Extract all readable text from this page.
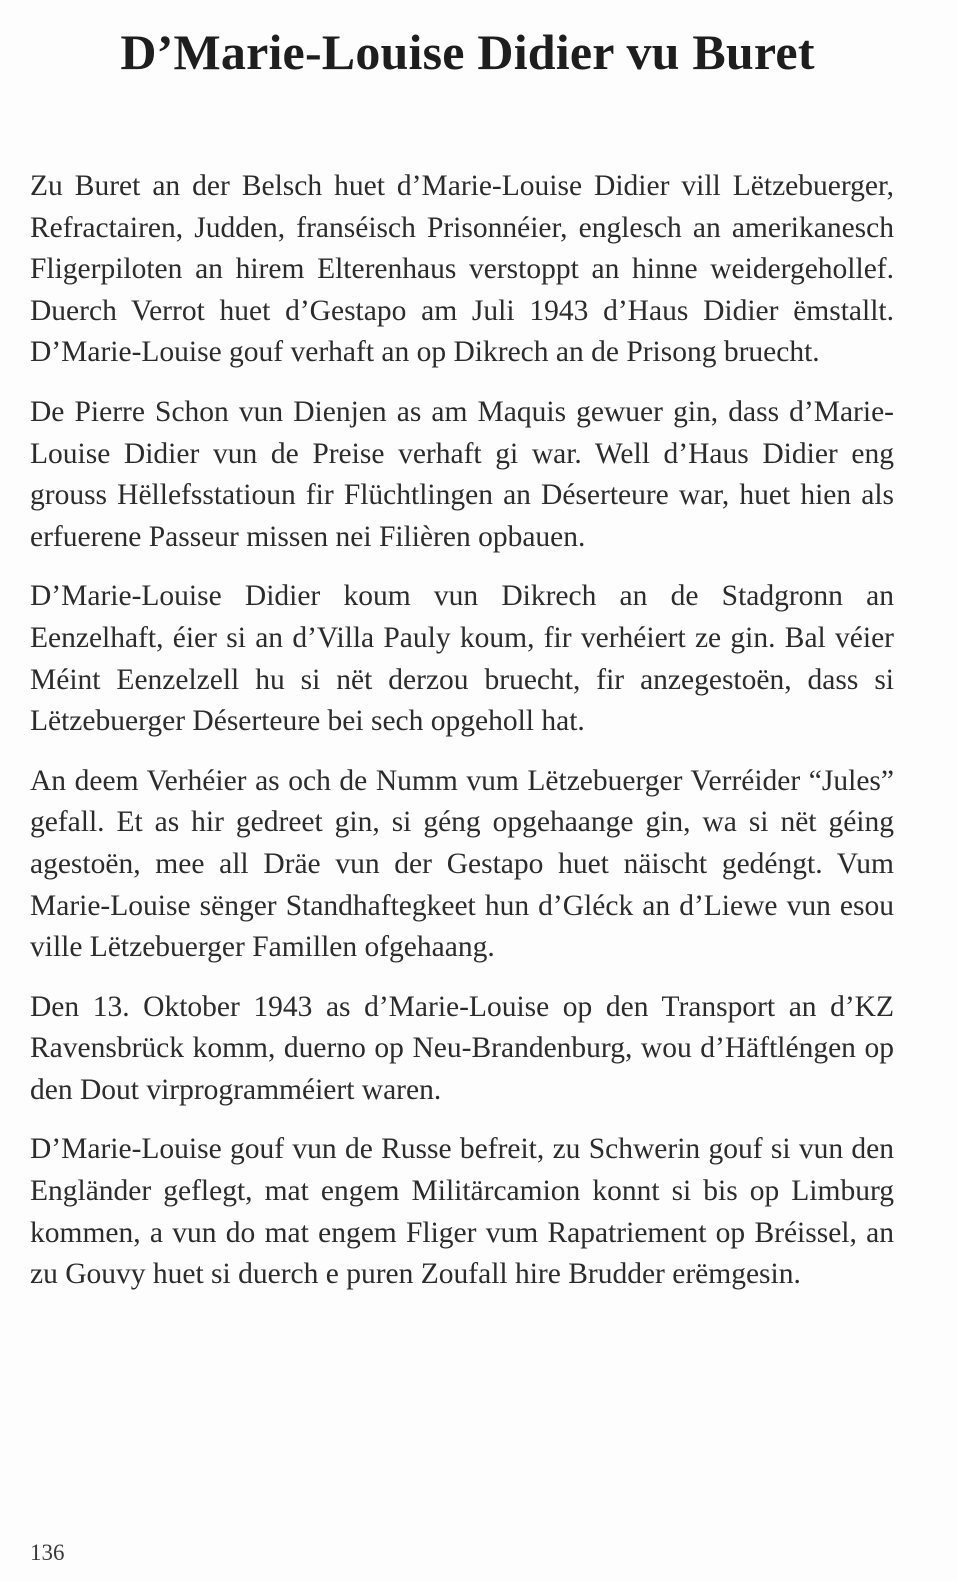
D’Marie-Louise Didier vu Buret

Zu Buret an der Belsch huet d’Marie-Louise Didier vill Lëtzebuerger, Refractairen, Judden, franséisch Prisonnéier, englesch an amerikanesch Fligerpiloten an hirem Elterenhaus verstoppt an hinne weidergehollef. Duerch Verrot huet d’Gestapo am Juli 1943 d’Haus Didier ëmstallt. D’Marie-Louise gouf verhaft an op Dikrech an de Prisong bruecht.

De Pierre Schon vun Dienjen as am Maquis gewuer gin, dass d’Marie-Louise Didier vun de Preise verhaft gi war. Well d’Haus Didier eng grouss Hëllefsstatioun fir Flüchtlingen an Déserteure war, huet hien als erfuerene Passeur missen nei Filièren opbauen.

D’Marie-Louise Didier koum vun Dikrech an de Stadgronn an Eenzelhaft, éier si an d’Villa Pauly koum, fir verhéiert ze gin. Bal véier Méint Eenzelzell hu si nët derzou bruecht, fir anzegestoën, dass si Lëtzebuerger Déserteure bei sech opgeholl hat.

An deem Verhéier as och de Numm vum Lëtzebuerger Verréider “Jules” gefall. Et as hir gedreet gin, si géng opgehaange gin, wa si nët géing agestoën, mee all Dräe vun der Gestapo huet näischt gedéngt. Vum Marie-Louise sënger Standhaftegkeet hun d’Gléck an d’Liewe vun esou ville Lëtzebuerger Famillen ofgehaang.

Den 13. Oktober 1943 as d’Marie-Louise op den Transport an d’KZ Ravensbrück komm, duerno op Neu-Brandenburg, wou d’Häftléngen op den Dout virprogramméiert waren.

D’Marie-Louise gouf vun de Russe befreit, zu Schwerin gouf si vun den Engländer geflegt, mat engem Militärcamion konnt si bis op Limburg kommen, a vun do mat engem Fliger vum Rapatriement op Bréissel, an zu Gouvy huet si duerch e puren Zoufall hire Brudder erëmgesin.

136
